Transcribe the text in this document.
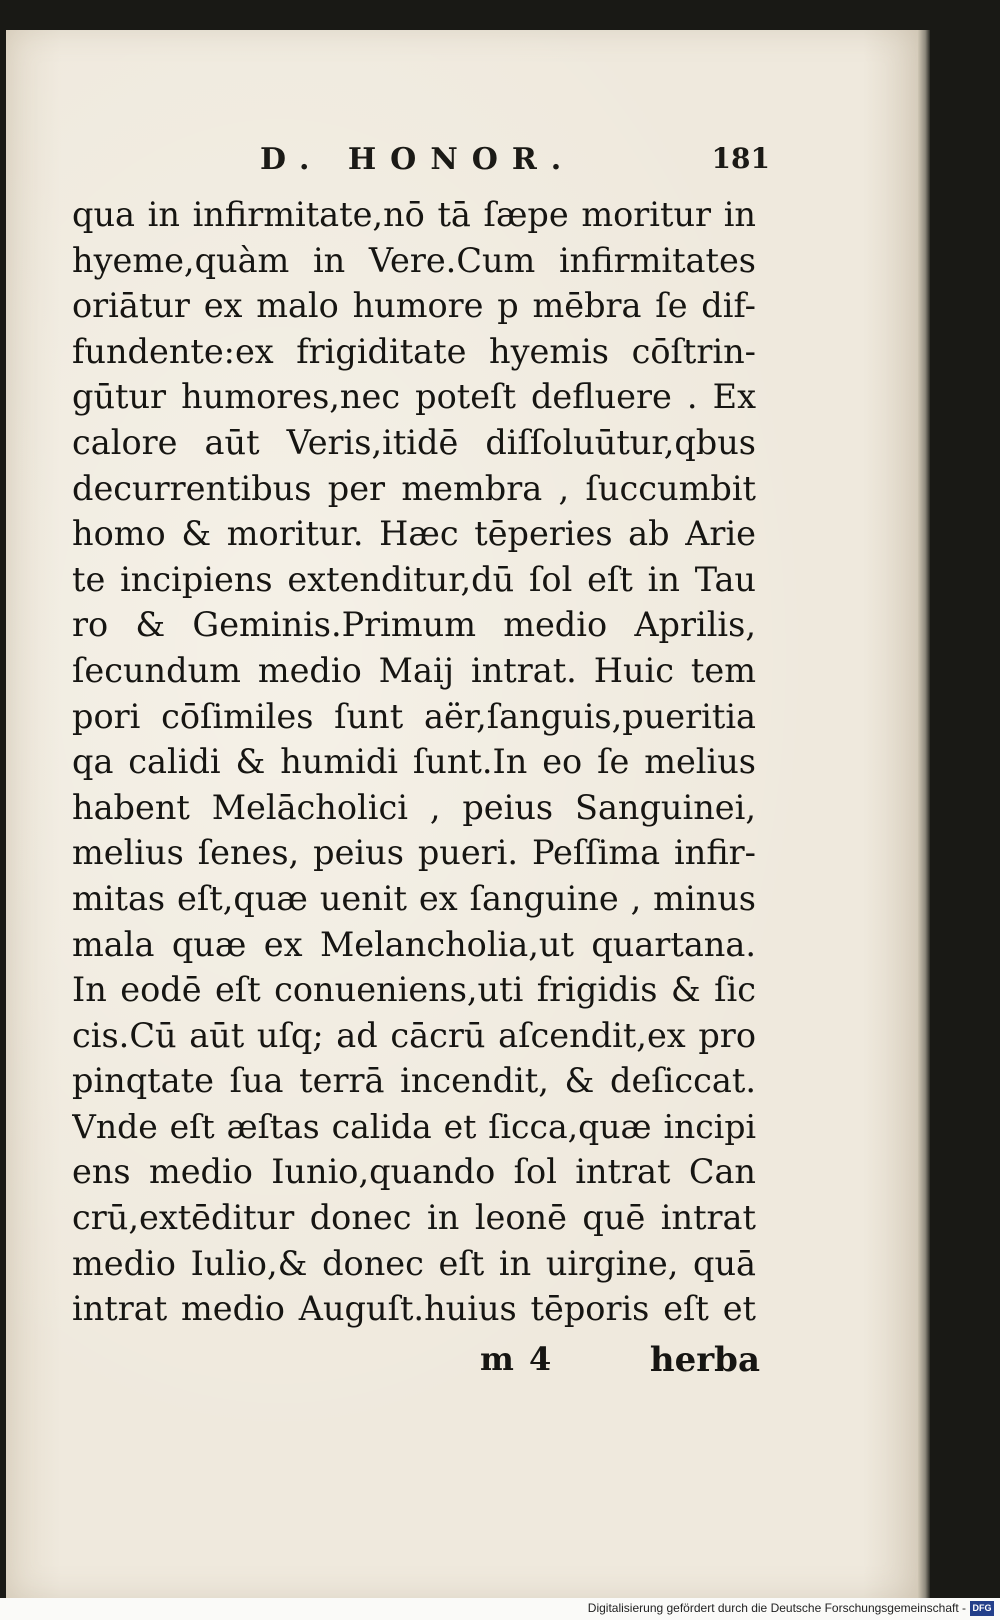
D. HONOR.	181
qua in infirmitate,nō tā ſæpe moritur in
hyeme,quàm in Vere.Cum infirmitates
oriātur ex malo humore p mēbra ſe dif-
fundente:ex frigiditate hyemis cōſtrin-
gūtur humores,nec poteſt defluere . Ex
calore aūt Veris,itidē diſſoluūtur,qbus
decurrentibus per membra , ſuccumbit
homo & moritur. Hæc tēperies ab Arie
te incipiens extenditur,dū ſol eſt in Tau
ro & Geminis.Primum medio Aprilis,
ſecundum medio Maij intrat. Huic tem
pori cōſimiles ſunt aër,ſanguis,pueritia
qa calidi & humidi ſunt.In eo ſe melius
habent Melācholici , peius Sanguinei,
melius ſenes, peius pueri. Peſſima infir-
mitas eſt,quæ uenit ex ſanguine , minus
mala quæ ex Melancholia,ut quartana.
In eodē eſt conueniens,uti frigidis & ſic
cis.Cū aūt uſq; ad cācrū aſcendit,ex pro
pinqtate ſua terrā incendit, & deſiccat.
Vnde eſt æſtas calida et ſicca,quæ incipi
ens medio Iunio,quando ſol intrat Can
crū,extēditur donec in leonē quē intrat
medio Iulio,& donec eſt in uirgine, quā
intrat medio Auguſt.huius tēporis eſt et
m 4	herba
Digitalisierung gefördert durch die Deutsche Forschungsgemeinschaft - DFG
